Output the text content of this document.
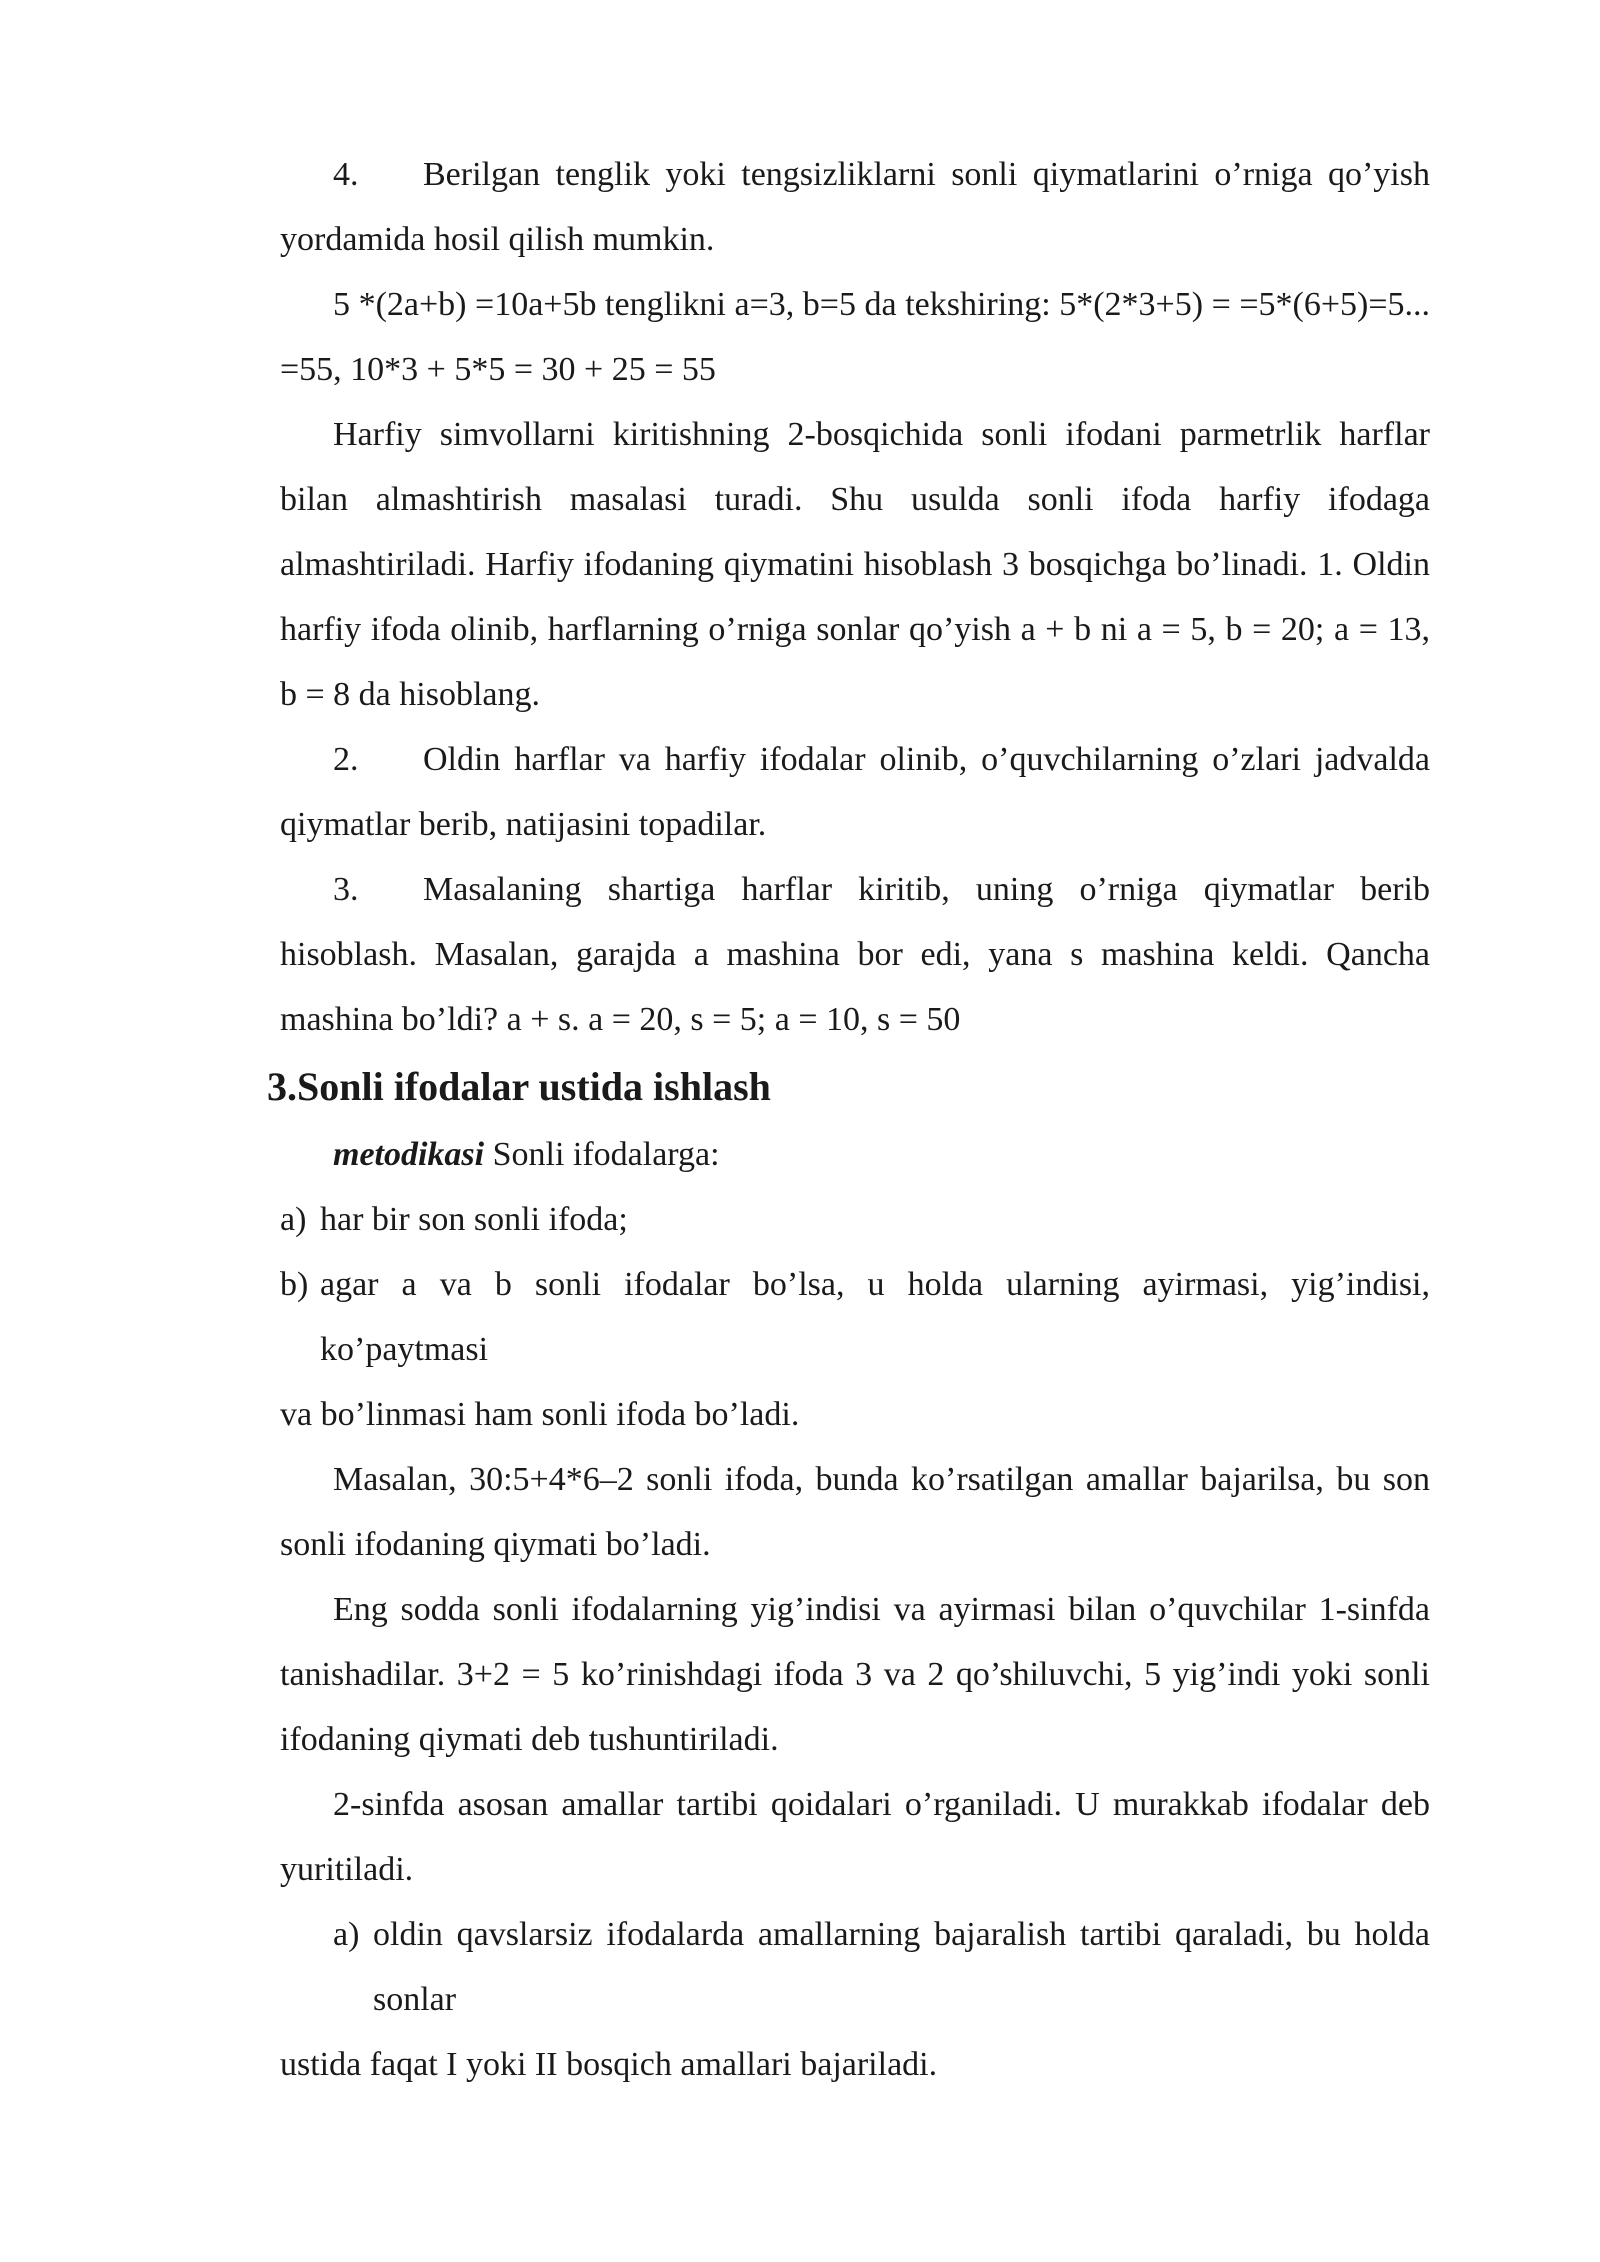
4. Berilgan tenglik yoki tengsizliklarni sonli qiymatlarini o’rniga qo’yish yordamida hosil qilish mumkin.

5 *(2a+b) =10a+5b tenglikni a=3, b=5 da tekshiring: 5*(2*3+5) = =5*(6+5)=5... =55, 10*3 + 5*5 = 30 + 25 = 55

Harfiy simvollarni kiritishning 2-bosqichida sonli ifodani parmetrlik harflar bilan almashtirish masalasi turadi. Shu usulda sonli ifoda harfiy ifodaga almashtiriladi. Harfiy ifodaning qiymatini hisoblash 3 bosqichga bo’linadi. 1. Oldin harfiy ifoda olinib, harflarning o’rniga sonlar qo’yish a + b ni a = 5, b = 20; a = 13, b = 8 da hisoblang.

2. Oldin harflar va harfiy ifodalar olinib, o’quvchilarning o’zlari jadvalda qiymatlar berib, natijasini topadilar.

3. Masalaning shartiga harflar kiritib, uning o’rniga qiymatlar berib hisoblash. Masalan, garajda a mashina bor edi, yana s mashina keldi. Qancha mashina bo’ldi? a + s. a = 20, s = 5; a = 10, s = 50

3.Sonli ifodalar ustida ishlash

metodikasi Sonli ifodalarga:

a) har bir son sonli ifoda;
b) agar a va b sonli ifodalar bo’lsa, u holda ularning ayirmasi, yig’indisi, ko’paytmasi

va bo’linmasi ham sonli ifoda bo’ladi.

Masalan, 30:5+4*6–2 sonli ifoda, bunda ko’rsatilgan amallar bajarilsa, bu son sonli ifodaning qiymati bo’ladi.

Eng sodda sonli ifodalarning yig’indisi va ayirmasi bilan o’quvchilar 1-sinfda tanishadilar. 3+2 = 5 ko’rinishdagi ifoda 3 va 2 qo’shiluvchi, 5 yig’indi yoki sonli ifodaning qiymati deb tushuntiriladi.

2-sinfda asosan amallar tartibi qoidalari o’rganiladi. U murakkab ifodalar deb yuritiladi.

a) oldin qavslarsiz ifodalarda amallarning bajaralish tartibi qaraladi, bu holda sonlar

ustida faqat I yoki II bosqich amallari bajariladi.
